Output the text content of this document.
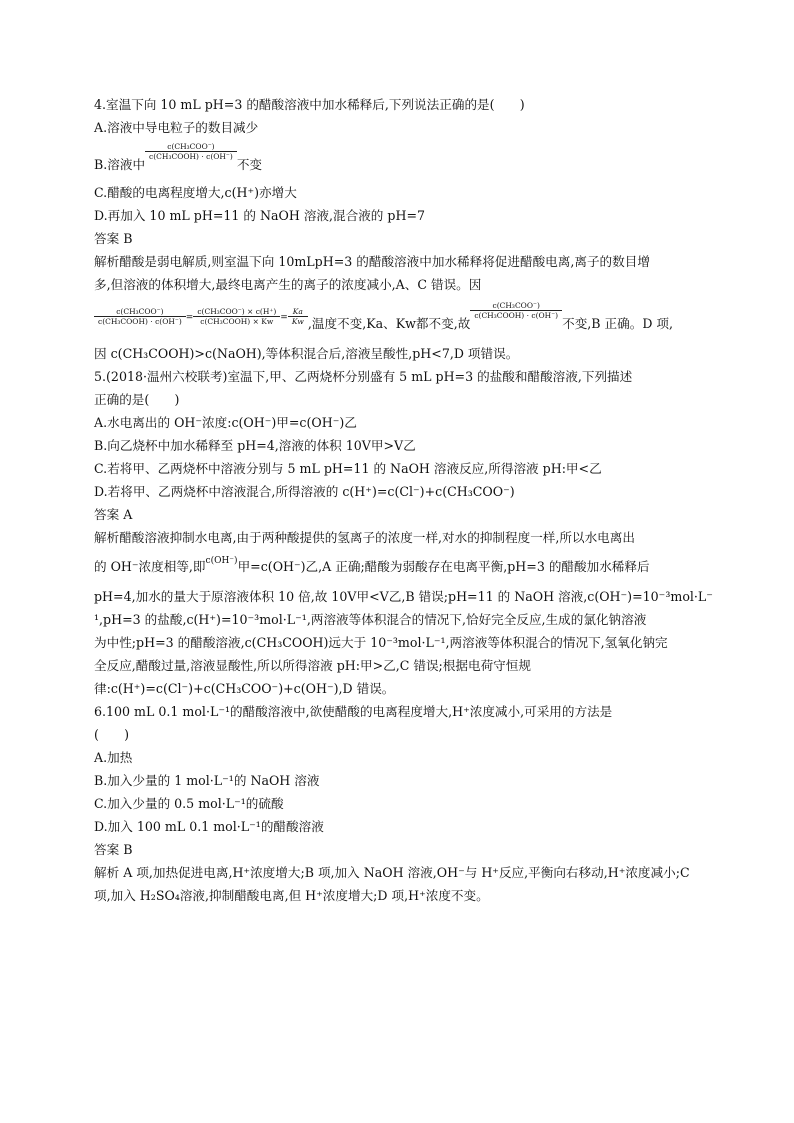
4.室温下向 10 mL pH=3 的醋酸溶液中加水稀释后,下列说法正确的是(　　)
A.溶液中导电粒子的数目减少
B.溶液中
$\frac{\text{c(CH₃COO⁻)}}{\text{c(CH₃COOH) · c(OH⁻)}}$
不变
C.醋酸的电离程度增大,c(H⁺)亦增大
D.再加入 10 mL pH=11 的 NaOH 溶液,混合液的 pH=7
答案 B
解析醋酸是弱电解质,则室温下向 10mLpH=3 的醋酸溶液中加水稀释将促进醋酸电离,离子的数目增
多,但溶液的体积增大,最终电离产生的离子的浓度减小,A、C 错误。因
$\frac{\text{c(CH₃COO⁻)}}{\text{c(CH₃COOH) · c(OH⁻)}} ^= \frac{\text{c(CH₃COO⁻) × c(H⁺)}}{\text{c(CH₃COOH) × Kw}} ^= \frac{Ka}{Kw}$ ,温度不变,Ka、Kw都不变,故
$\frac{\text{c(CH₃COO⁻)}}{\text{c(CH₃COOH) · c(OH⁻)}}$
不变,B 正确。D 项,
因 c(CH₃COOH)>c(NaOH),等体积混合后,溶液呈酸性,pH<7,D 项错误。
5.(2018·温州六校联考)室温下,甲、乙两烧杯分别盛有 5 mL pH=3 的盐酸和醋酸溶液,下列描述
正确的是(　　)
A.水电离出的 OH⁻浓度:c(OH⁻)甲=c(OH⁻)乙
B.向乙烧杯中加水稀释至 pH=4,溶液的体积 10V甲>V乙
C.若将甲、乙两烧杯中溶液分别与 5 mL pH=11 的 NaOH 溶液反应,所得溶液 pH:甲<乙
D.若将甲、乙两烧杯中溶液混合,所得溶液的 c(H⁺)=c(Cl⁻)+c(CH₃COO⁻)
答案 A
解析醋酸溶液抑制水电离,由于两种酸提供的氢离子的浓度一样,对水的抑制程度一样,所以水电离出
的 OH⁻浓度相等,即$^{c(OH^-)}$甲=c(OH⁻)乙,A 正确;醋酸为弱酸存在电离平衡,pH=3 的醋酸加水稀释后
pH=4,加水的量大于原溶液体积 10 倍,故 10V甲<V乙,B 错误;pH=11 的 NaOH 溶液,c(OH⁻)=10⁻³mol·L⁻
¹,pH=3 的盐酸,c(H⁺)=10⁻³mol·L⁻¹,两溶液等体积混合的情况下,恰好完全反应,生成的氯化钠溶液
为中性;pH=3 的醋酸溶液,c(CH₃COOH)远大于 10⁻³mol·L⁻¹,两溶液等体积混合的情况下,氢氧化钠完
全反应,醋酸过量,溶液显酸性,所以所得溶液 pH:甲>乙,C 错误;根据电荷守恒规
律:c(H⁺)=c(Cl⁻)+c(CH₃COO⁻)+c(OH⁻),D 错误。
6.100 mL 0.1 mol·L⁻¹的醋酸溶液中,欲使醋酸的电离程度增大,H⁺浓度减小,可采用的方法是
(　　)
A.加热
B.加入少量的 1 mol·L⁻¹的 NaOH 溶液
C.加入少量的 0.5 mol·L⁻¹的硫酸
D.加入 100 mL 0.1 mol·L⁻¹的醋酸溶液
答案 B
解析 A 项,加热促进电离,H⁺浓度增大;B 项,加入 NaOH 溶液,OH⁻与 H⁺反应,平衡向右移动,H⁺浓度减小;C
项,加入 H₂SO₄溶液,抑制醋酸电离,但 H⁺浓度增大;D 项,H⁺浓度不变。
